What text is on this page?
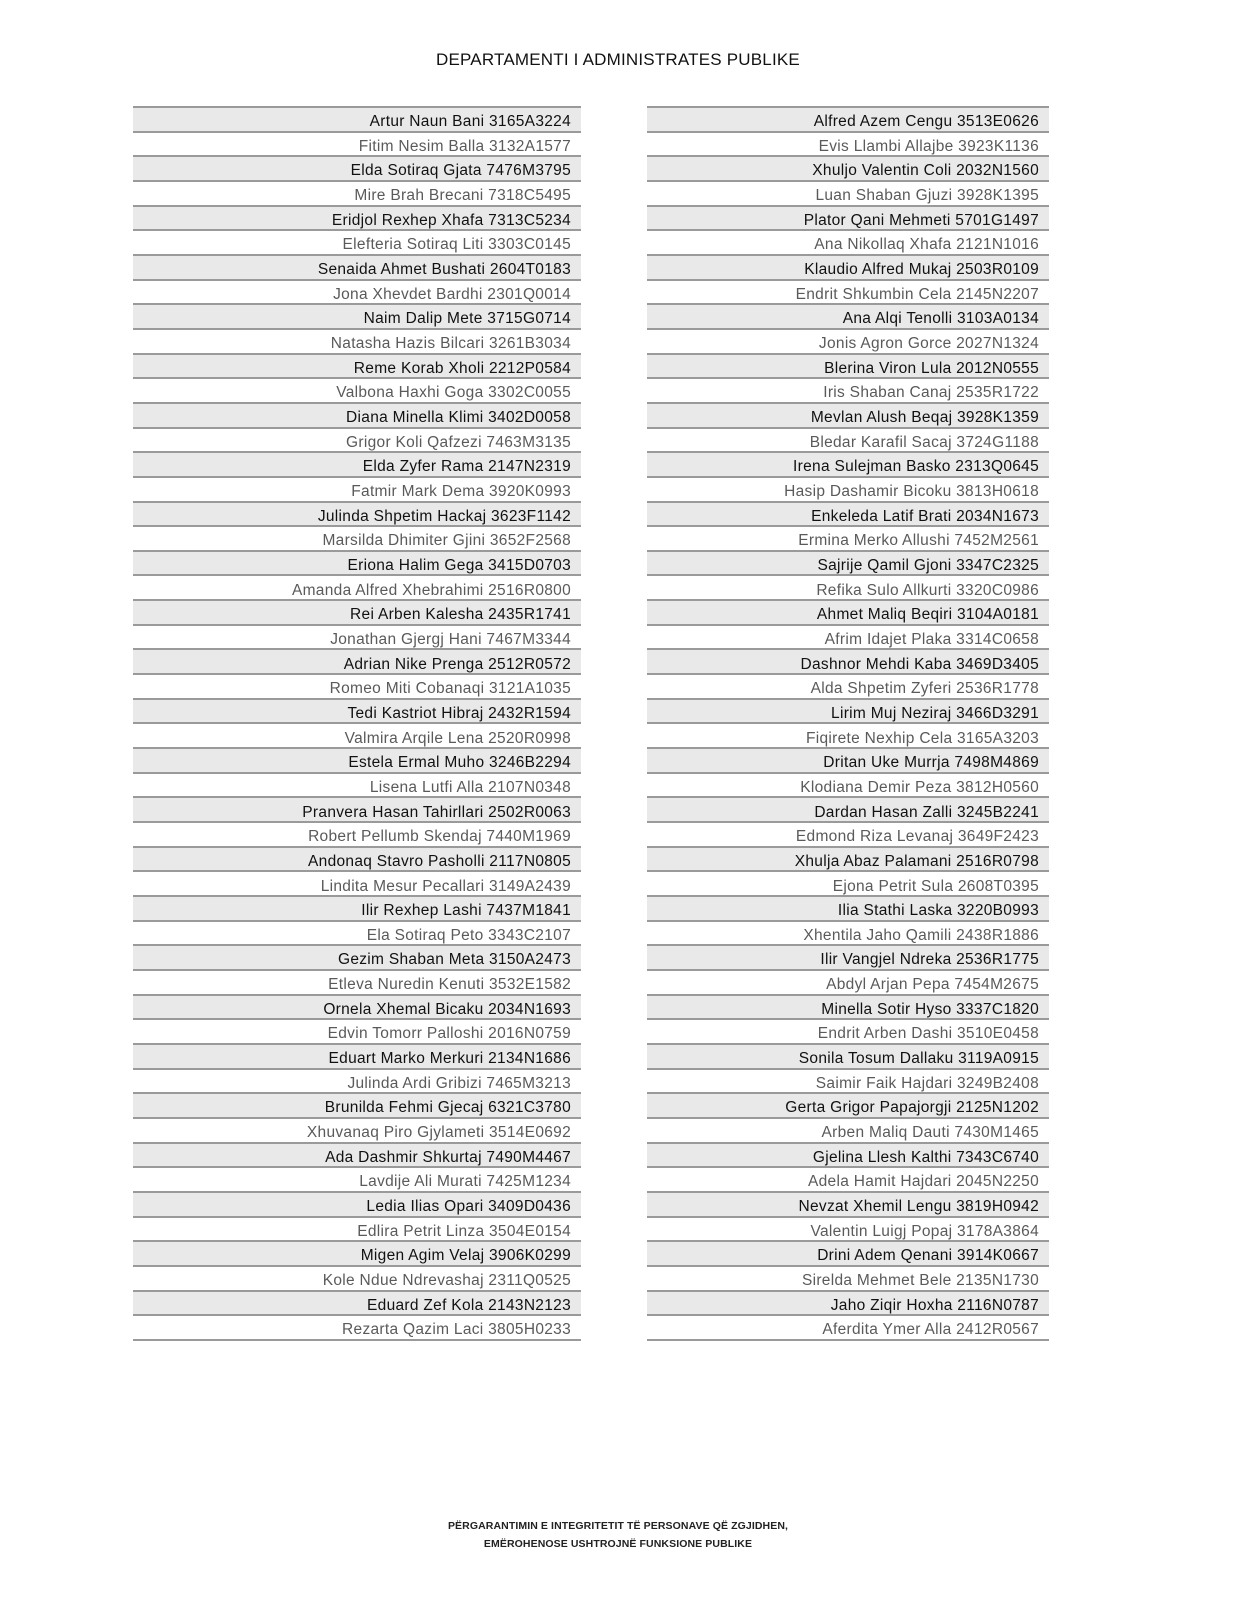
DEPARTAMENTI I ADMINISTRATES PUBLIKE
Artur Naun Bani 3165A3224
Fitim Nesim Balla 3132A1577
Elda Sotiraq Gjata 7476M3795
Mire Brah Brecani 7318C5495
Eridjol Rexhep Xhafa 7313C5234
Elefteria Sotiraq Liti 3303C0145
Senaida Ahmet Bushati 2604T0183
Jona Xhevdet Bardhi 2301Q0014
Naim Dalip Mete 3715G0714
Natasha Hazis Bilcari 3261B3034
Reme Korab Xholi 2212P0584
Valbona Haxhi Goga 3302C0055
Diana Minella Klimi 3402D0058
Grigor Koli Qafzezi 7463M3135
Elda Zyfer Rama 2147N2319
Fatmir Mark Dema 3920K0993
Julinda Shpetim Hackaj 3623F1142
Marsilda Dhimiter Gjini 3652F2568
Eriona Halim Gega 3415D0703
Amanda Alfred Xhebrahimi 2516R0800
Rei Arben Kalesha 2435R1741
Jonathan Gjergj Hani 7467M3344
Adrian Nike Prenga 2512R0572
Romeo Miti Cobanaqi 3121A1035
Tedi Kastriot Hibraj 2432R1594
Valmira Arqile Lena 2520R0998
Estela Ermal Muho 3246B2294
Lisena Lutfi Alla 2107N0348
Pranvera Hasan Tahirllari 2502R0063
Robert Pellumb Skendaj 7440M1969
Andonaq Stavro Pasholli 2117N0805
Lindita Mesur Pecallari 3149A2439
Ilir Rexhep Lashi 7437M1841
Ela Sotiraq Peto 3343C2107
Gezim Shaban Meta 3150A2473
Etleva Nuredin Kenuti 3532E1582
Ornela Xhemal Bicaku 2034N1693
Edvin Tomorr Palloshi 2016N0759
Eduart Marko Merkuri 2134N1686
Julinda Ardi Gribizi 7465M3213
Brunilda Fehmi Gjecaj 6321C3780
Xhuvanaq Piro Gjylameti 3514E0692
Ada Dashmir Shkurtaj 7490M4467
Lavdije Ali Murati 7425M1234
Ledia Ilias Opari 3409D0436
Edlira Petrit Linza 3504E0154
Migen Agim Velaj 3906K0299
Kole Ndue Ndrevashaj 2311Q0525
Eduard Zef Kola 2143N2123
Rezarta Qazim Laci 3805H0233
Alfred Azem Cengu 3513E0626
Evis Llambi Allajbe 3923K1136
Xhuljo Valentin Coli 2032N1560
Luan Shaban Gjuzi 3928K1395
Plator Qani Mehmeti 5701G1497
Ana Nikollaq Xhafa 2121N1016
Klaudio Alfred Mukaj 2503R0109
Endrit Shkumbin Cela 2145N2207
Ana Alqi Tenolli 3103A0134
Jonis Agron Gorce 2027N1324
Blerina Viron Lula 2012N0555
Iris Shaban Canaj 2535R1722
Mevlan Alush Beqaj 3928K1359
Bledar Karafil Sacaj 3724G1188
Irena Sulejman Basko 2313Q0645
Hasip Dashamir Bicoku 3813H0618
Enkeleda Latif Brati 2034N1673
Ermina Merko Allushi 7452M2561
Sajrije Qamil Gjoni 3347C2325
Refika Sulo Allkurti 3320C0986
Ahmet Maliq Beqiri 3104A0181
Afrim Idajet Plaka 3314C0658
Dashnor Mehdi Kaba 3469D3405
Alda Shpetim Zyferi 2536R1778
Lirim Muj Neziraj 3466D3291
Fiqirete Nexhip Cela 3165A3203
Dritan Uke Murrja 7498M4869
Klodiana Demir Peza 3812H0560
Dardan Hasan Zalli 3245B2241
Edmond Riza Levanaj 3649F2423
Xhulja Abaz Palamani 2516R0798
Ejona Petrit Sula 2608T0395
Ilia Stathi Laska 3220B0993
Xhentila Jaho Qamili 2438R1886
Ilir Vangjel Ndreka 2536R1775
Abdyl Arjan Pepa 7454M2675
Minella Sotir Hyso 3337C1820
Endrit Arben Dashi 3510E0458
Sonila Tosum Dallaku 3119A0915
Saimir Faik Hajdari 3249B2408
Gerta Grigor Papajorgji 2125N1202
Arben Maliq Dauti 7430M1465
Gjelina Llesh Kalthi 7343C6740
Adela Hamit Hajdari 2045N2250
Nevzat Xhemil Lengu 3819H0942
Valentin Luigj Popaj 3178A3864
Drini Adem Qenani 3914K0667
Sirelda Mehmet Bele 2135N1730
Jaho Ziqir Hoxha 2116N0787
Aferdita Ymer Alla 2412R0567
PËRGARANTIMIN E INTEGRITETIT TË PERSONAVE QË ZGJIDHEN,
EMËROHENOSE USHTROJNË FUNKSIONE PUBLIKE
